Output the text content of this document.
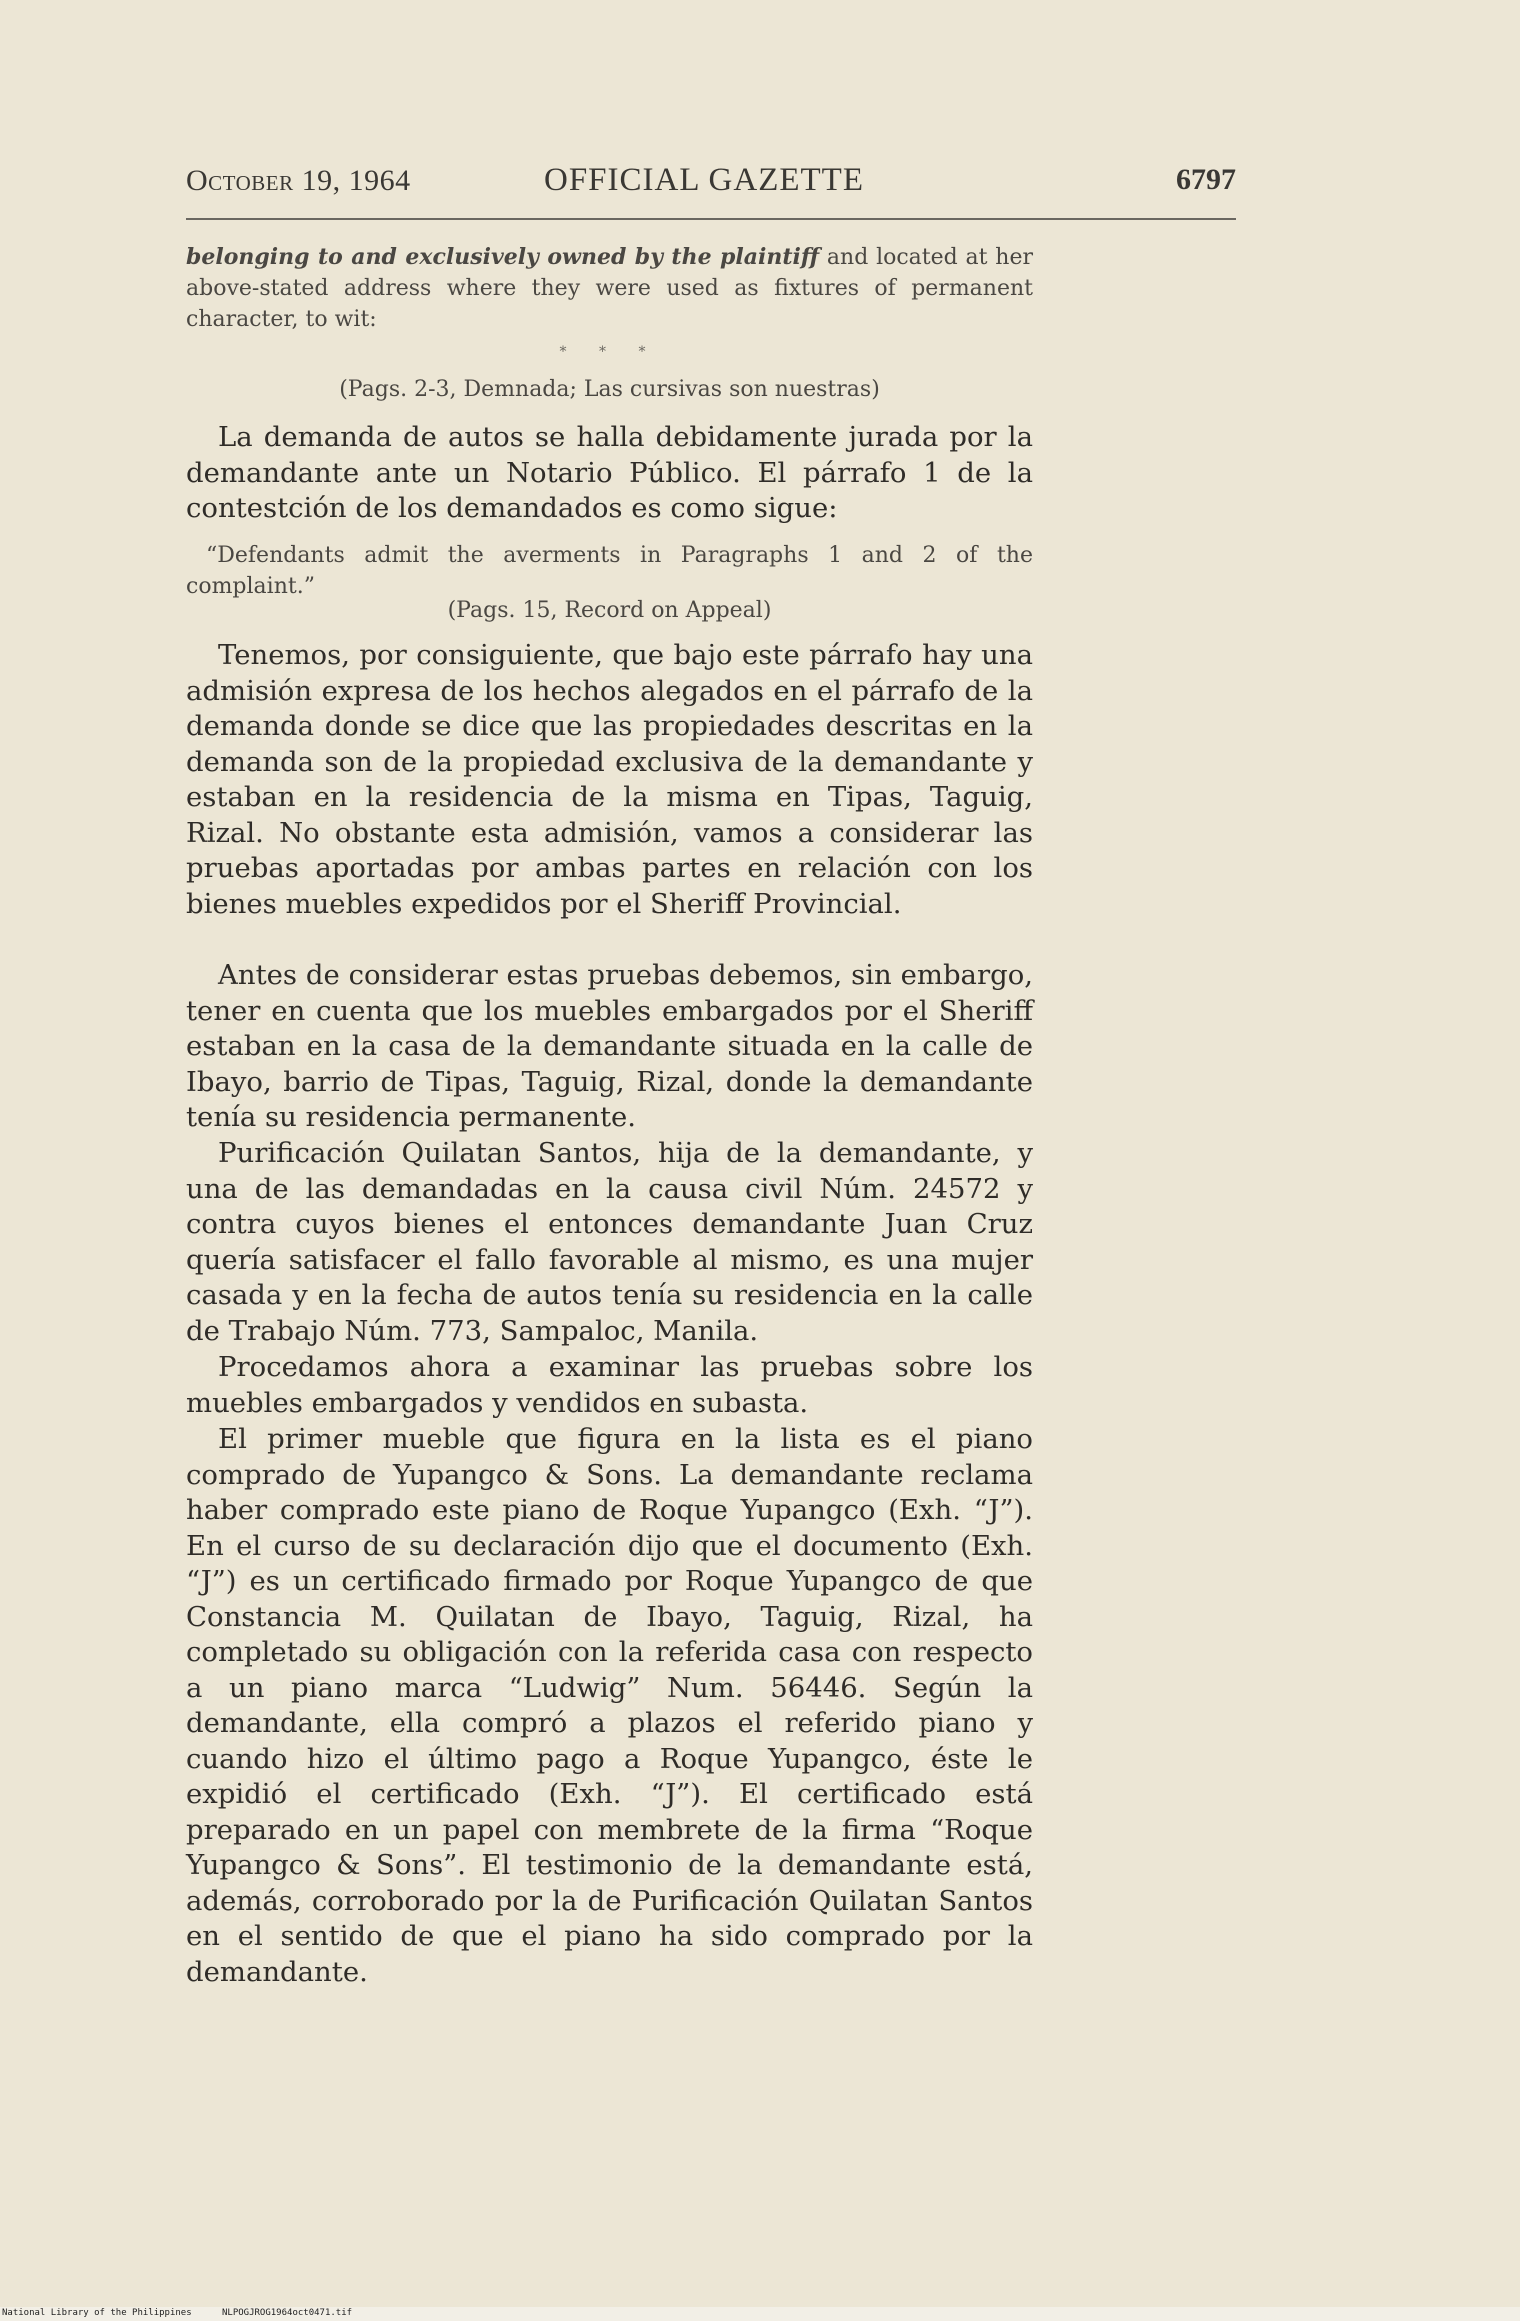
October 19, 1964	OFFICIAL GAZETTE	6797
belonging to and exclusively owned by the plaintiff and located at her above-stated address where they were used as fixtures of permanent character, to wit:
* * *
(Pags. 2-3, Demnada; Las cursivas son nuestras)
La demanda de autos se halla debidamente jurada por la demandante ante un Notario Público. El párrafo 1 de la contestción de los demandados es como sigue:
“Defendants admit the averments in Paragraphs 1 and 2 of the complaint.”
(Pags. 15, Record on Appeal)
Tenemos, por consiguiente, que bajo este párrafo hay una admisión expresa de los hechos alegados en el párrafo de la demanda donde se dice que las propiedades descritas en la demanda son de la propiedad exclusiva de la demandante y estaban en la residencia de la misma en Tipas, Taguig, Rizal. No obstante esta admisión, vamos a considerar las pruebas aportadas por ambas partes en relación con los bienes muebles expedidos por el Sheriff Provincial.
Antes de considerar estas pruebas debemos, sin embargo, tener en cuenta que los muebles embargados por el Sheriff estaban en la casa de la demandante situada en la calle de Ibayo, barrio de Tipas, Taguig, Rizal, donde la demandante tenía su residencia permanente.
Purificación Quilatan Santos, hija de la demandante, y una de las demandadas en la causa civil Núm. 24572 y contra cuyos bienes el entonces demandante Juan Cruz quería satisfacer el fallo favorable al mismo, es una mujer casada y en la fecha de autos tenía su residencia en la calle de Trabajo Núm. 773, Sampaloc, Manila.
Procedamos ahora a examinar las pruebas sobre los muebles embargados y vendidos en subasta.
El primer mueble que figura en la lista es el piano comprado de Yupangco & Sons. La demandante reclama haber comprado este piano de Roque Yupangco (Exh. “J”). En el curso de su declaración dijo que el documento (Exh. “J”) es un certificado firmado por Roque Yupangco de que Constancia M. Quilatan de Ibayo, Taguig, Rizal, ha completado su obligación con la referida casa con respecto a un piano marca “Ludwig” Num. 56446. Según la demandante, ella compró a plazos el referido piano y cuando hizo el último pago a Roque Yupangco, éste le expidió el certificado (Exh. “J”). El certificado está preparado en un papel con membrete de la firma “Roque Yupangco & Sons”. El testimonio de la demandante está, además, corroborado por la de Purificación Quilatan Santos en el sentido de que el piano ha sido comprado por la demandante.
National Library of the Philippines	NLPOGJROG1964oct0471.tif
